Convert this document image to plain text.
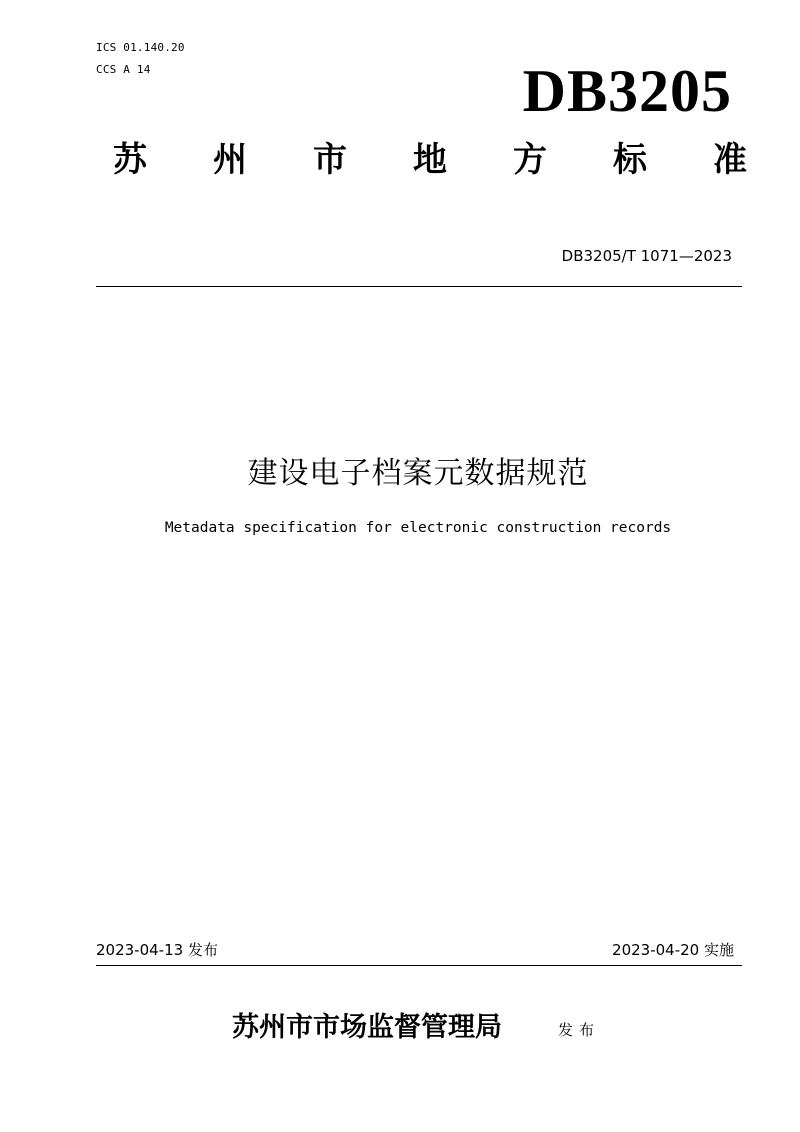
ICS 01.140.20
CCS A 14	DB3205
苏 州 市 地 方 标 准
DB3205/T 1071—2023
建设电子档案元数据规范
Metadata specification for electronic construction records
2023-04-13 发布	2023-04-20 实施
苏州市市场监督管理局	发布
